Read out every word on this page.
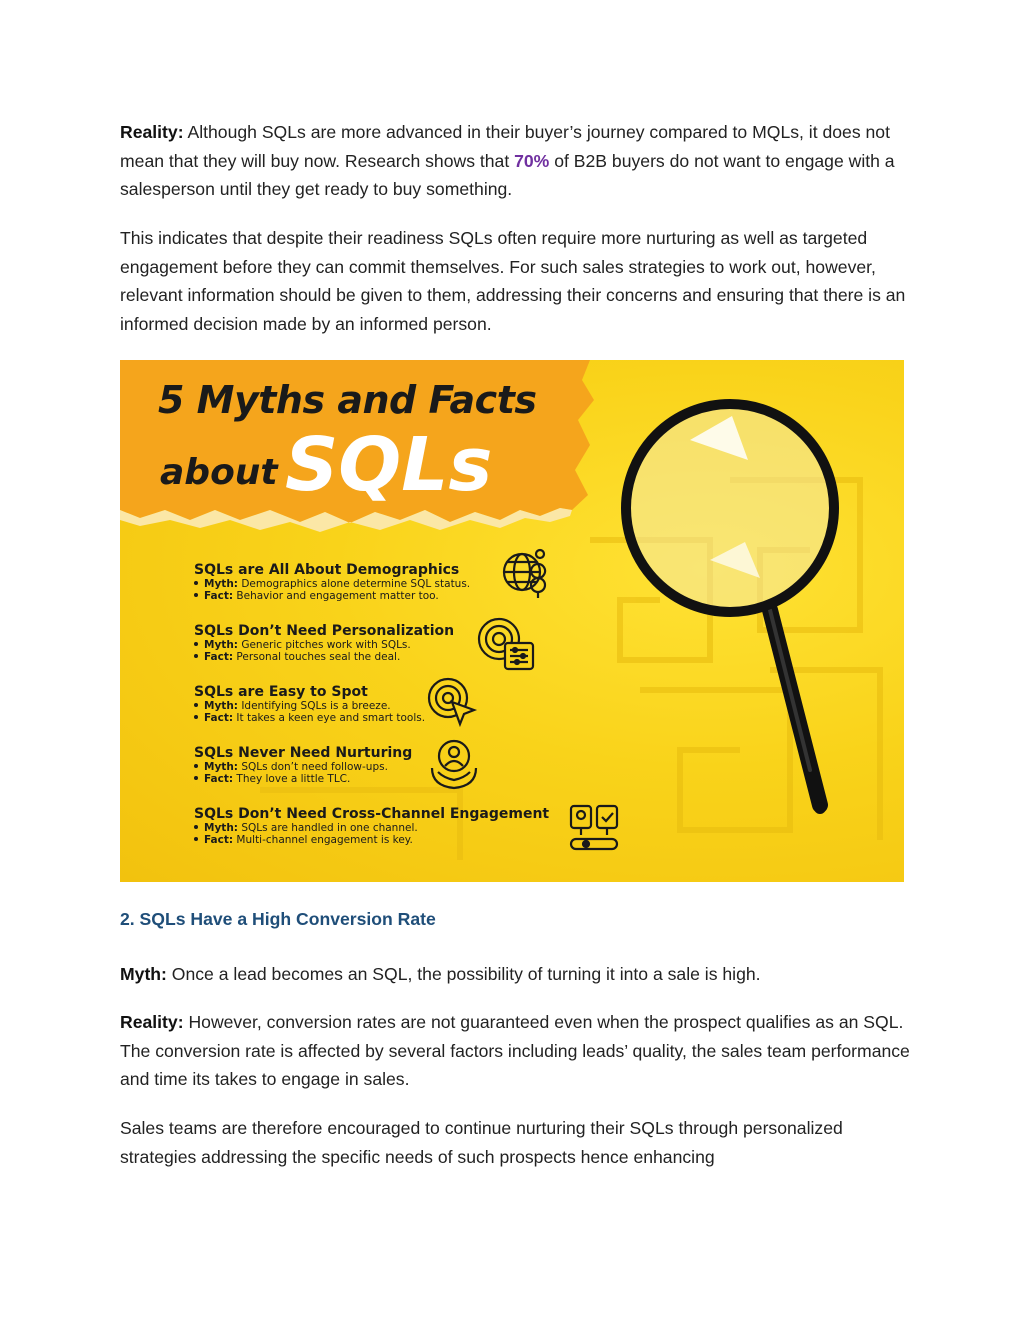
Reality: Although SQLs are more advanced in their buyer’s journey compared to MQLs, it does not mean that they will buy now. Research shows that 70% of B2B buyers do not want to engage with a salesperson until they get ready to buy something.

This indicates that despite their readiness SQLs often require more nurturing as well as targeted engagement before they can commit themselves. For such sales strategies to work out, however, relevant information should be given to them, addressing their concerns and ensuring that there is an informed decision made by an informed person.

5 Myths and Facts
about SQLs
SQLs are All About Demographics
Myth: Demographics alone determine SQL status.
Fact: Behavior and engagement matter too.
SQLs Don’t Need Personalization
Myth: Generic pitches work with SQLs.
Fact: Personal touches seal the deal.
SQLs are Easy to Spot
Myth: Identifying SQLs is a breeze.
Fact: It takes a keen eye and smart tools.
SQLs Never Need Nurturing
Myth: SQLs don’t need follow-ups.
Fact: They love a little TLC.
SQLs Don’t Need Cross-Channel Engagement
Myth: SQLs are handled in one channel.
Fact: Multi-channel engagement is key.
2. SQLs Have a High Conversion Rate

Myth: Once a lead becomes an SQL, the possibility of turning it into a sale is high.

Reality: However, conversion rates are not guaranteed even when the prospect qualifies as an SQL. The conversion rate is affected by several factors including leads’ quality, the sales team performance and time its takes to engage in sales.

Sales teams are therefore encouraged to continue nurturing their SQLs through personalized strategies addressing the specific needs of such prospects hence enhancing
